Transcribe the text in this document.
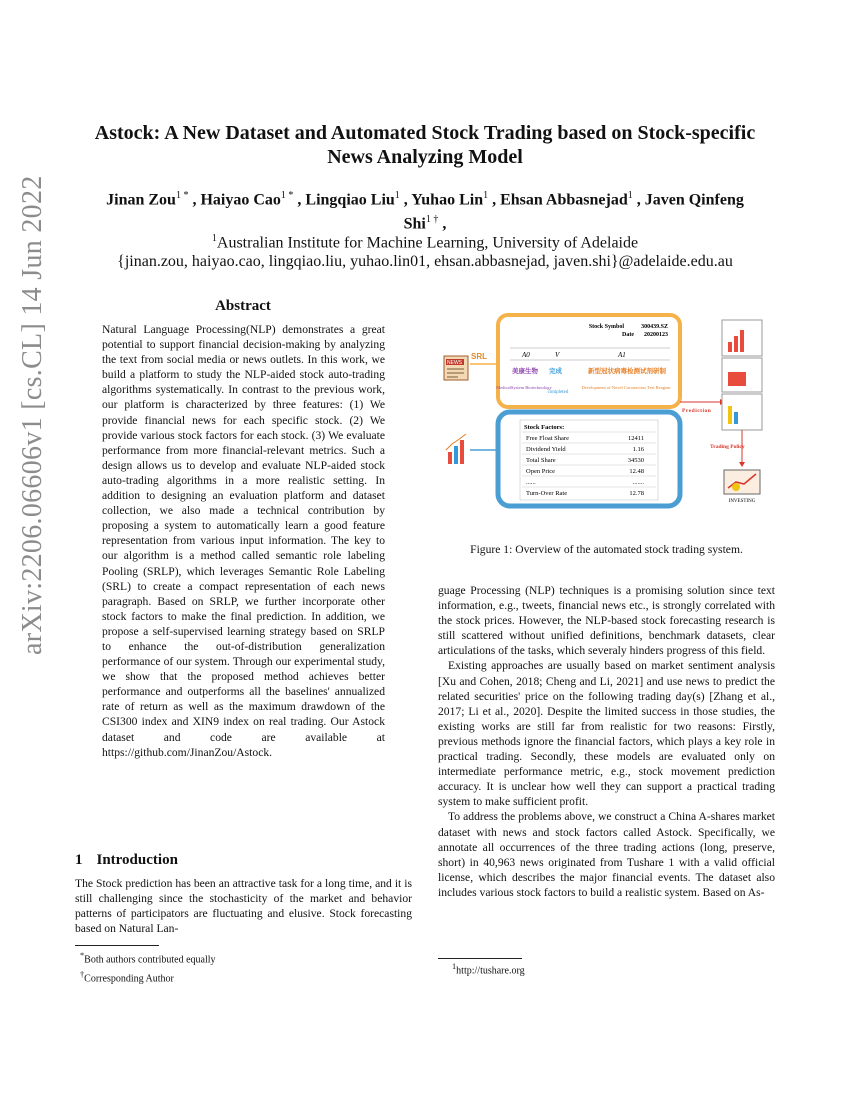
arXiv:2206.06606v1 [cs.CL] 14 Jun 2022
Astock: A New Dataset and Automated Stock Trading based on Stock-specific News Analyzing Model
Jinan Zou$^{1 *}$ , Haiyao Cao$^{1 *}$ , Lingqiao Liu$^1$ , Yuhao Lin$^1$ , Ehsan Abbasnejad$^1$ , Javen Qinfeng
Shi$^{1 \dagger}$ ,
$^1$Australian Institute for Machine Learning, University of Adelaide
{jinan.zou, haiyao.cao, lingqiao.liu, yuhao.lin01, ehsan.abbasnejad, javen.shi}@adelaide.edu.au
Abstract
Natural Language Processing(NLP) demonstrates a great potential to support financial decision-making by analyzing the text from social media or news outlets. In this work, we build a platform to study the NLP-aided stock auto-trading algorithms systematically. In contrast to the previous work, our platform is characterized by three features: (1) We provide financial news for each specific stock. (2) We provide various stock factors for each stock. (3) We evaluate performance from more financial-relevant metrics. Such a design allows us to develop and evaluate NLP-aided stock auto-trading algorithms in a more realistic setting. In addition to designing an evaluation platform and dataset collection, we also made a technical contribution by proposing a system to automatically learn a good feature representation from various input information. The key to our algorithm is a method called semantic role labeling Pooling (SRLP), which leverages Semantic Role Labeling (SRL) to create a compact representation of each news paragraph. Based on SRLP, we further incorporate other stock factors to make the final prediction. In addition, we propose a self-supervised learning strategy based on SRLP to enhance the out-of-distribution generalization performance of our system. Through our experimental study, we show that the proposed method achieves better performance and outperforms all the baselines' annualized rate of return as well as the maximum drawdown of the CSI300 index and XIN9 index on real trading. Our Astock dataset and code are available at https://github.com/JinanZou/Astock.
1 Introduction
The Stock prediction has been an attractive task for a long time, and it is still challenging since the stochasticity of the market and behavior patterns of participators are fluctuating and elusive. Stock forecasting based on Natural Lan-
*Both authors contributed equally
†Corresponding Author
NEWS
SRL
Stock Symbol	300439.SZ
Date 20200123
A0	V	A1
美康生物 完成	新型冠状病毒检测试剂研制
MedicalSystem Biotechnology
completed
Development of Novel Coronavirus Test Reagent
Stock Factors:
Free Float Share	12411
Dividend Yield	1.16
Total Share	34530
Open Price	12.48
......	.......
Turn-Over Rate	12.78
Prediction
Trading Policy
INVESTING
Figure 1: Overview of the automated stock trading system.

guage Processing (NLP) techniques is a promising solution since text information, e.g., tweets, financial news etc., is strongly correlated with the stock prices. However, the NLP-based stock forecasting research is still scattered without unified definitions, benchmark datasets, clear articulations of the tasks, which severaly hinders progress of this field.

Existing approaches are usually based on market sentiment analysis [Xu and Cohen, 2018; Cheng and Li, 2021] and use news to predict the related securities' price on the following trading day(s) [Zhang et al., 2017; Li et al., 2020]. Despite the limited success in those studies, the existing works are still far from realistic for two reasons: Firstly, previous methods ignore the financial factors, which plays a key role in practical trading. Secondly, these models are evaluated only on intermediate performance metric, e.g., stock movement prediction accuracy. It is unclear how well they can support a practical trading system to make sufficient profit.

To address the problems above, we construct a China A-shares market dataset with news and stock factors called Astock. Specifically, we annotate all occurrences of the three trading actions (long, preserve, short) in 40,963 news originated from Tushare 1 with a valid official license, which describes the major financial events. The dataset also includes various stock factors to build a realistic system. Based on As-

$^1$http://tushare.org
